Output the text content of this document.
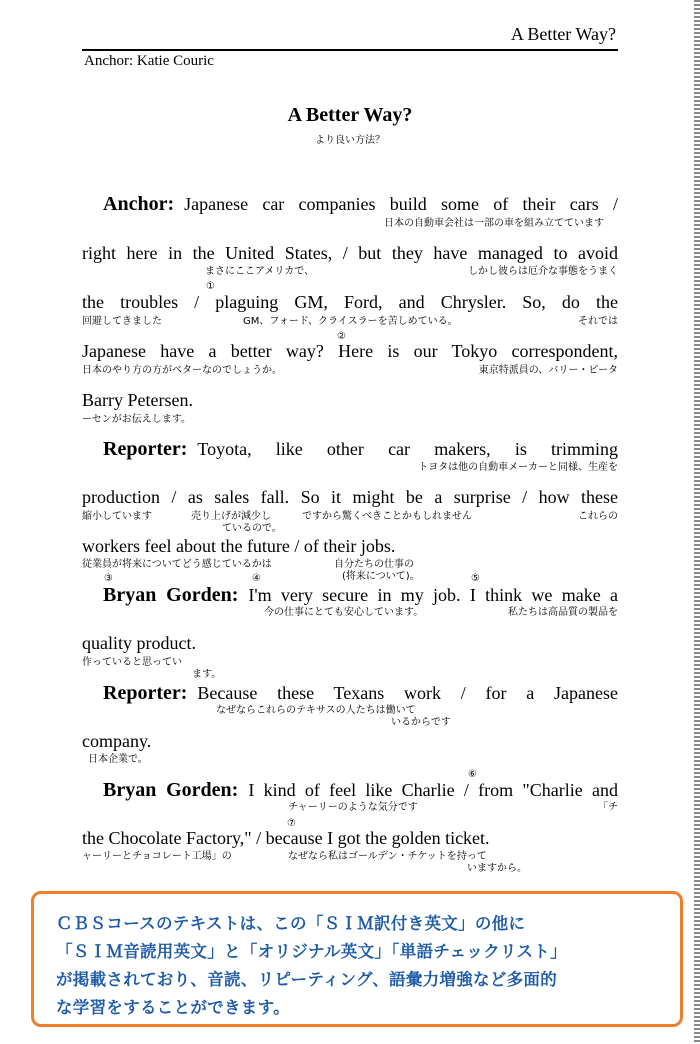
A Better Way?
Anchor: Katie Couric
A Better Way?
より良い方法？
Anchor: Japanese car companies build some of their cars /
日本の自動車会社は一部の車を組み立てています
right here in the United States, / but they have managed to avoid
まさにここアメリカで、	しかし彼らは厄介な事態をうまく
①
the troubles / plaguing GM, Ford, and Chrysler. So, do the
回避してきました	GM、フォード、クライスラーを苦しめている。	それでは
②
Japanese have a better way? Here is our Tokyo correspondent,
日本のやり方の方がベターなのでしょうか。	東京特派員の、バリー・ピータ
Barry Petersen.
ーセンがお伝えします。
Reporter: Toyota, like other car makers, is trimming
トヨタは他の自動車メーカーと同様、生産を
production / as sales fall. So it might be a surprise / how these
縮小しています	売り上げが減少し
ているので。
ですから驚くべきことかもしれません	これらの
workers feel about the future / of their jobs.
従業員が将来についてどう感じているかは	自分たちの仕事の
(将来について)。
③	④	⑤
Bryan Gorden: I'm very secure in my job. I think we make a
今の仕事にとても安心しています。	私たちは高品質の製品を
quality product.
作っていると思ってい
ます。
Reporter: Because these Texans work / for a Japanese
なぜならこれらのテキサスの人たちは働いて
いるからです
company.
日本企業で。
⑥
Bryan Gorden: I kind of feel like Charlie / from "Charlie and
チャーリーのような気分です	「チ
⑦
the Chocolate Factory," / because I got the golden ticket.
ャーリーとチョコレート工場」の	なぜなら私はゴールデン・チケットを持って
いますから。
ＣＢＳコースのテキストは、この「ＳＩＭ訳付き英文」の他に
「ＳＩＭ音読用英文」と「オリジナル英文」「単語チェックリスト」
が掲載されており、音読、リピーティング、語彙力増強など多面的
な学習をすることができます。
